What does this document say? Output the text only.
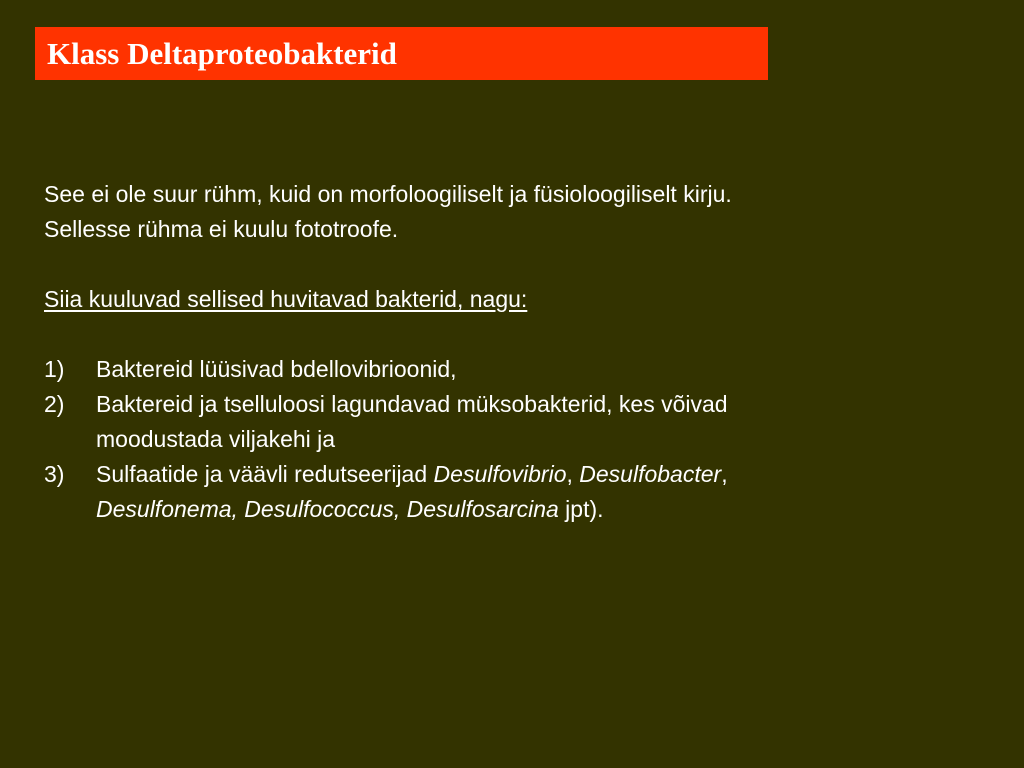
Klass Deltaproteobakterid
See ei ole suur rühm, kuid on morfoloogiliselt ja füsioloogiliselt kirju.
Sellesse rühma ei kuulu fototroofe.
Siia kuuluvad sellised huvitavad bakterid, nagu:
1) Baktereid lüüsivad bdellovibrioonid,
2) Baktereid ja tselluloosi lagundavad müksobakterid, kes võivad
moodustada viljakehi ja
3) Sulfaatide ja väävli redutseerijad Desulfovibrio, Desulfobacter,
Desulfonema, Desulfococcus, Desulfosarcina jpt).
